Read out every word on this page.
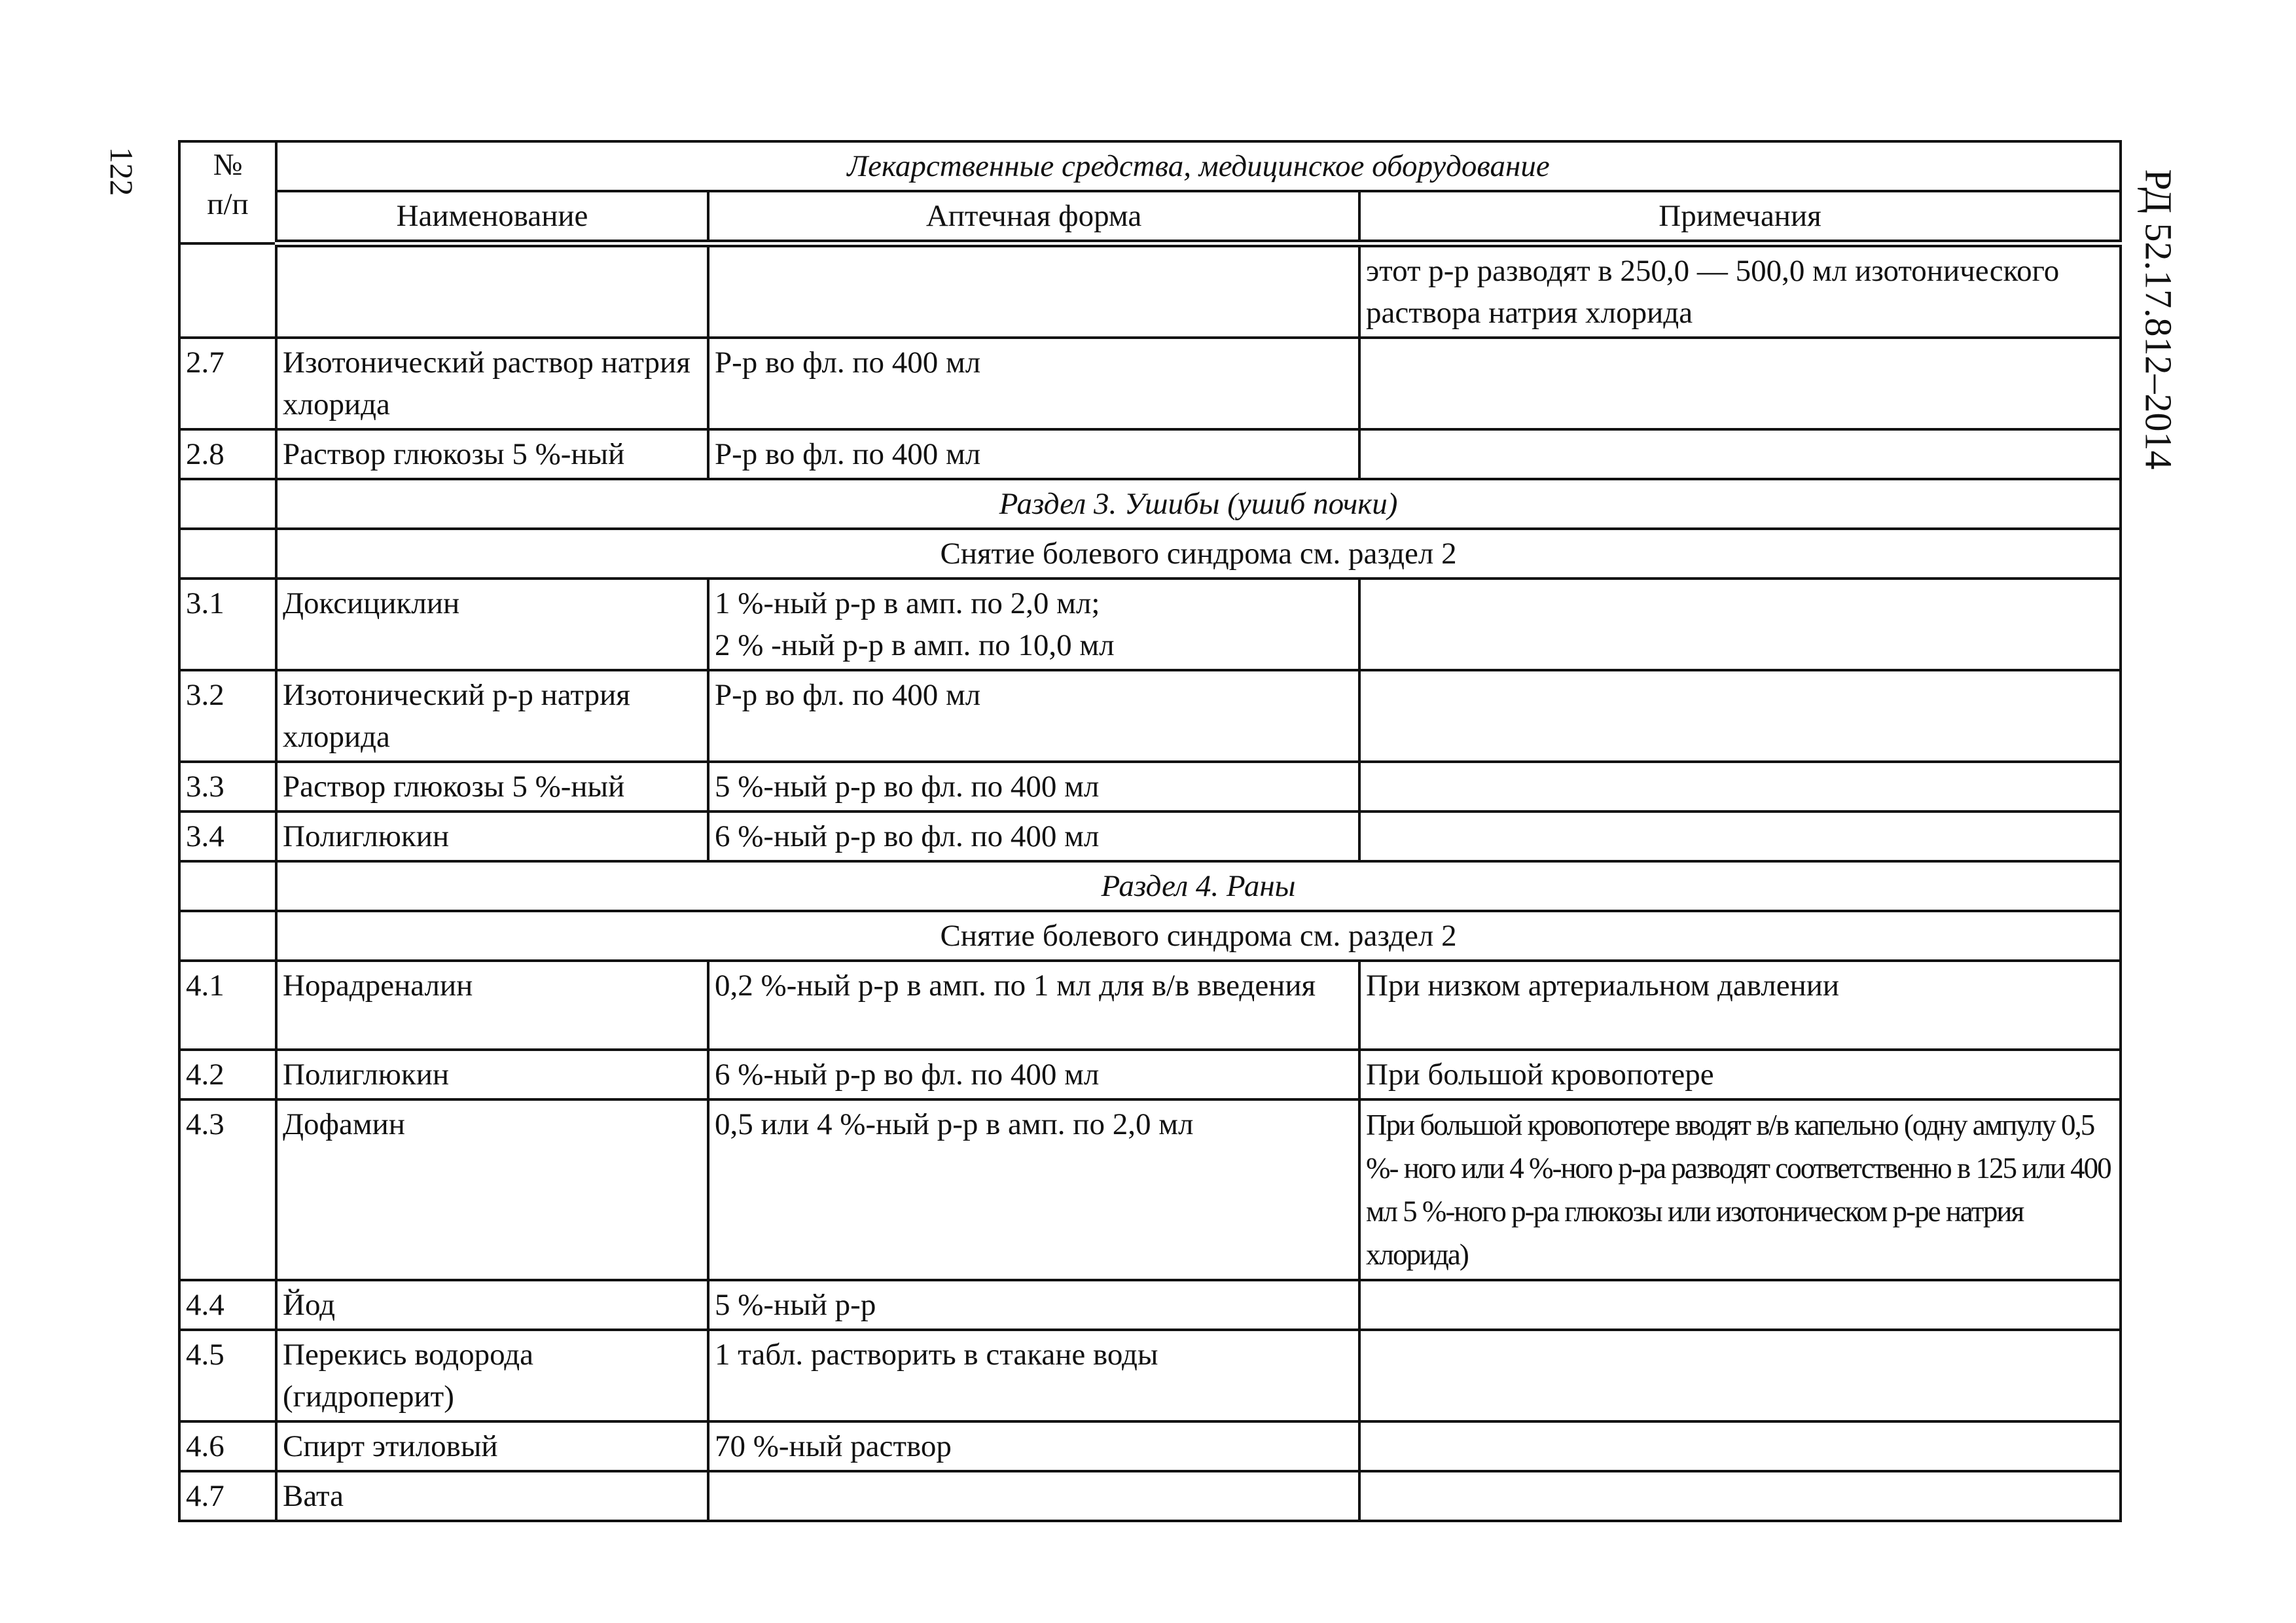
122	РД 52.17.812–2014
№
п/п	Лекарственные средства, медицинское оборудование		
	Наименование	Аптечная форма	Примечания
			этот р-р разводят в 250,0 — 500,0 мл изотонического раствора натрия хлорида
2.7	Изотонический раствор натрия хлорида	Р-р во фл. по 400 мл	
2.8	Раствор глюкозы 5 %-ный	Р-р во фл. по 400 мл	
	Раздел 3. Ушибы (ушиб почки)		
	Снятие болевого синдрома см. раздел 2		
3.1	Доксициклин	1 %-ный р-р в амп. по 2,0 мл;
2 % -ный р-р в амп. по 10,0 мл	

3.2	Изотонический р-р натрия хлорида	Р-р во фл. по 400 мл	
3.3	Раствор глюкозы 5 %-ный	5 %-ный р-р во фл. по 400 мл	
3.4	Полиглюкин	6 %-ный р-р во фл. по 400 мл	
	Раздел 4. Раны		
	Снятие болевого синдрома см. раздел 2		
4.1	Норадреналин	0,2 %-ный р-р в амп. по 1 мл для в/в введения	При низком артериальном давлении
4.2	Полиглюкин	6 %-ный р-р во фл. по 400 мл	При большой кровопотере
4.3	Дофамин	0,5 или 4 %-ный р-р в амп. по 2,0 мл	При большой кровопотере вводят в/в капельно (одну ампулу 0,5 %- ного или 4 %-ного р-ра разводят соответственно в 125 или 400 мл 5 %-ного р-ра глюкозы или изотоническом р-ре натрия хлорида)
4.4	Йод	5 %-ный р-р	
4.5	Перекись водорода (гидроперит)	1 табл. растворить в стакане воды	
4.6	Спирт этиловый	70 %-ный раствор	
4.7	Вата		
